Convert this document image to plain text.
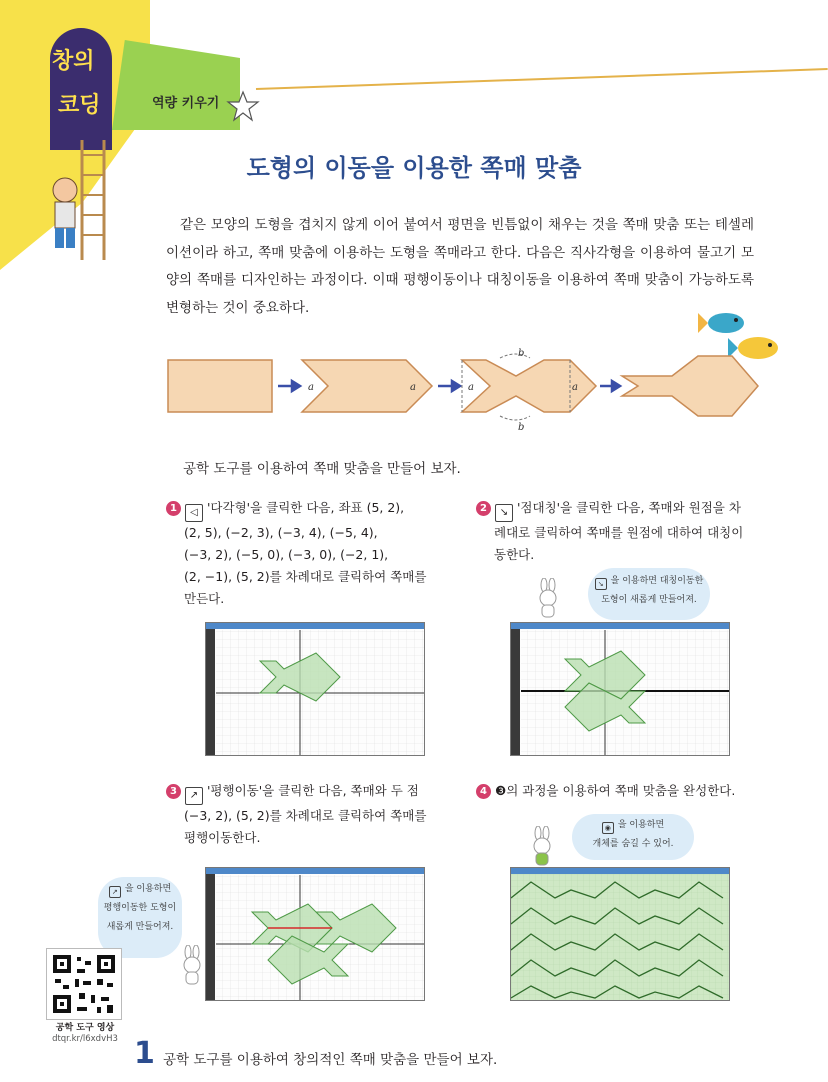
창의
코딩	역량 키우기
도형의 이동을 이용한 쪽매 맞춤
같은 모양의 도형을 겹치지 않게 이어 붙여서 평면을 빈틈없이 채우는 것을 쪽매 맞춤 또는 테셀레이션이라 하고, 쪽매 맞춤에 이용하는 도형을 쪽매라고 한다. 다음은 직사각형을 이용하여 물고기 모양의 쪽매를 디자인하는 과정이다. 이때 평행이동이나 대칭이동을 이용하여 쪽매 맞춤이 가능하도록 변형하는 것이 중요하다.
a	a	a	a
b
b
공학 도구를 이용하여 쪽매 맞춤을 만들어 보자.
1 ◁ '다각형'을 클릭한 다음, 좌표 (5, 2),
(2, 5), (−2, 3), (−3, 4), (−5, 4),
(−3, 2), (−5, 0), (−3, 0), (−2, 1),
(2, −1), (5, 2)를 차례대로 클릭하여 쪽매를
만든다.
2 ↘ '점대칭'을 클릭한 다음, 쪽매와 원점을 차
례대로 클릭하여 쪽매를 원점에 대하여 대칭이
동한다.
3 ↗ '평행이동'을 클릭한 다음, 쪽매와 두 점
(−3, 2), (5, 2)를 차례대로 클릭하여 쪽매를
평행이동한다.
4 ❸의 과정을 이용하여 쪽매 맞춤을 완성한다.
↘ 을 이용하면 대칭이동한
도형이 새롭게 만들어져.
↗ 을 이용하면
평행이동한 도형이
새롭게 만들어져.
◉ 을 이용하면
개체를 숨길 수 있어.
공학 도구 영상
dtqr.kr/l6xdvH3 1 공학 도구를 이용하여 창의적인 쪽매 맞춤을 만들어 보자.
